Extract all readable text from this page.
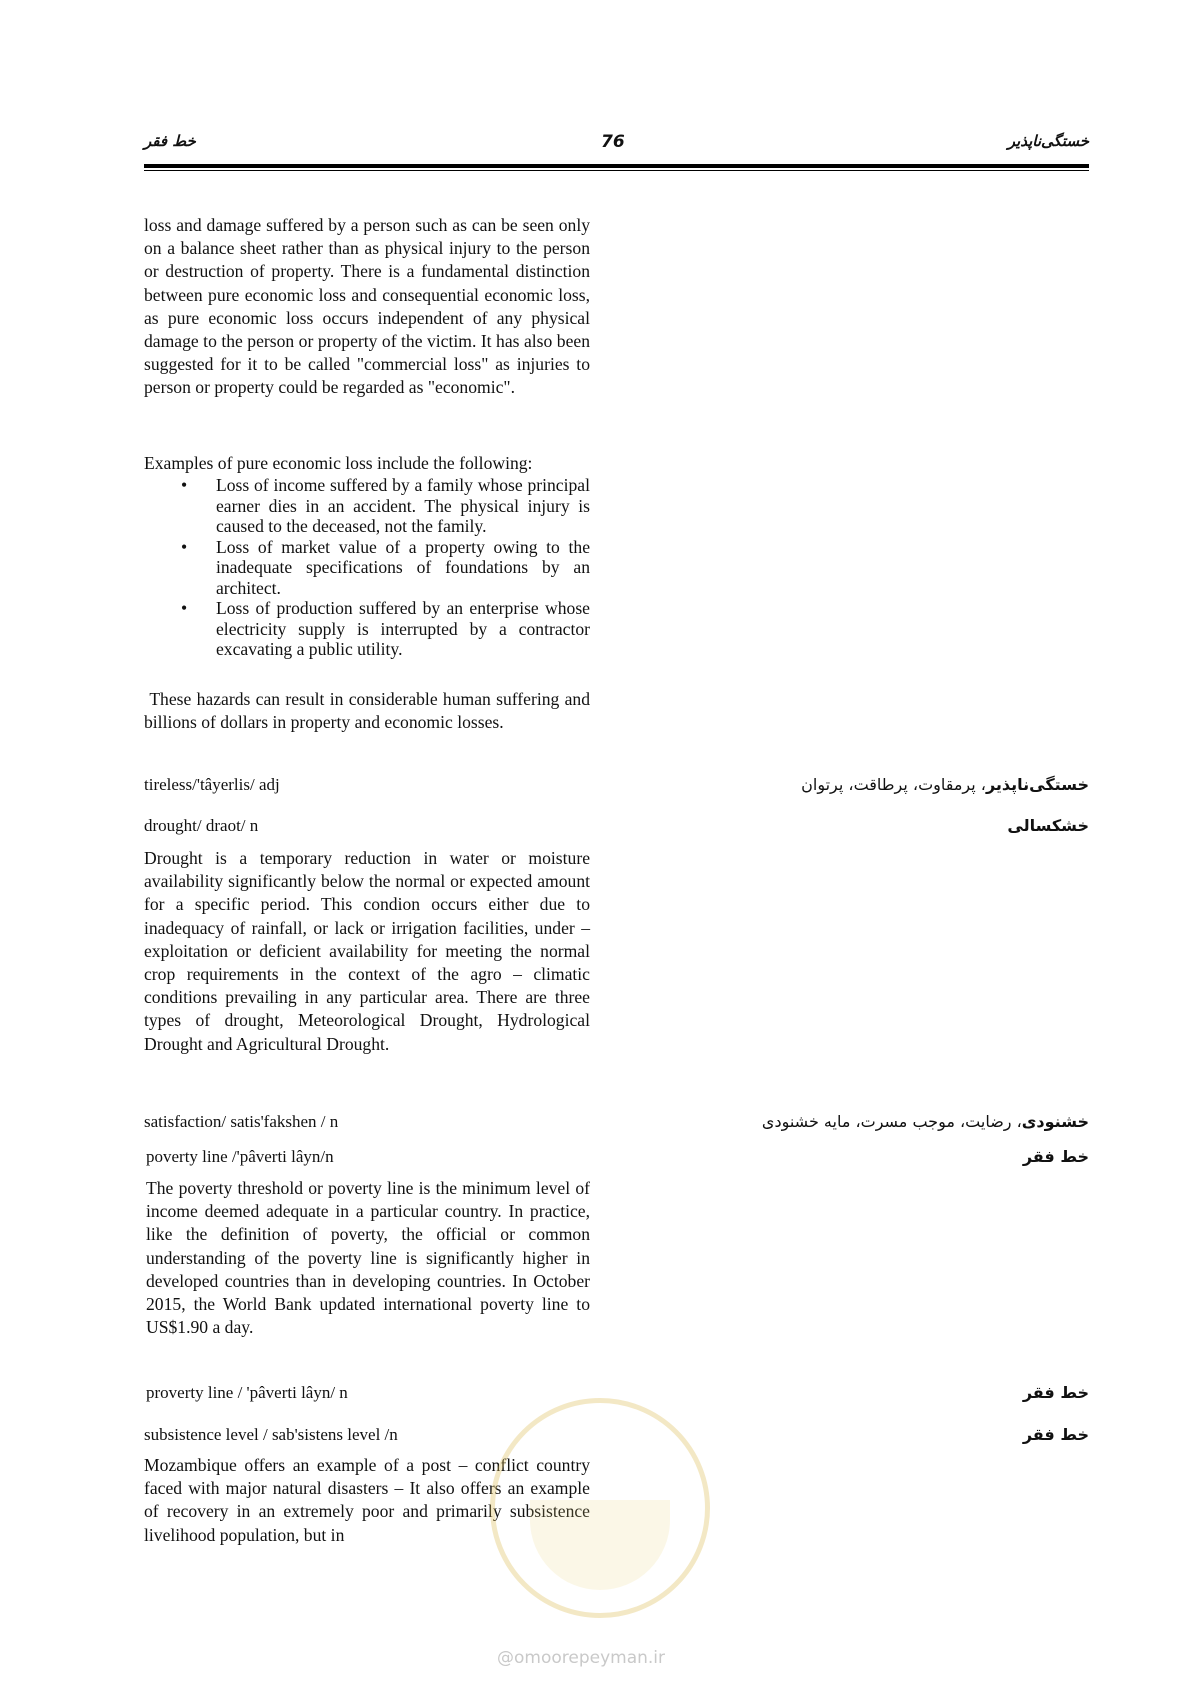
خط فقر	76	خستگی‌ناپذیر

loss and damage suffered by a person such as can be seen only on a balance sheet rather than as physical injury to the person or destruction of property. There is a fundamental distinction between pure economic loss and consequential economic loss, as pure economic loss occurs independent of any physical damage to the person or property of the victim. It has also been suggested for it to be called "commercial loss" as injuries to person or property could be regarded as "economic".

Examples of pure economic loss include the following:

• Loss of income suffered by a family whose principal earner dies in an accident. The physical injury is caused to the deceased, not the family.
• Loss of market value of a property owing to the inadequate specifications of foundations by an architect.
• Loss of production suffered by an enterprise whose electricity supply is interrupted by a contractor excavating a public utility.

These hazards can result in considerable human suffering and billions of dollars in property and economic losses.

tireless/'tâyerlis/ adj	خستگی‌ناپذیر، پرمقاوت، پرطاقت، پرتوان
drought/ draot/ n	خشکسالی

Drought is a temporary reduction in water or moisture availability significantly below the normal or expected amount for a specific period. This condion occurs either due to inadequacy of rainfall, or lack or irrigation facilities, under – exploitation or deficient availability for meeting the normal crop requirements in the context of the agro – climatic conditions prevailing in any particular area. There are three types of drought, Meteorological Drought, Hydrological Drought and Agricultural Drought.

satisfaction/ satis'fakshen / n	خشنودی، رضایت، موجب مسرت، مایه خشنودی
poverty line /'pâverti lâyn/n	خط فقر

The poverty threshold or poverty line is the minimum level of income deemed adequate in a particular country. In practice, like the definition of poverty, the official or common understanding of the poverty line is significantly higher in developed countries than in developing countries. In October 2015, the World Bank updated international poverty line to US$1.90 a day.

proverty line / 'pâverti lâyn/ n	خط فقر
subsistence level / sab'sistens level /n	خط فقر

Mozambique offers an example of a post – conflict country faced with major natural disasters – It also offers an example of recovery in an extremely poor and primarily subsistence livelihood population, but in

@omoorepeyman.ir
